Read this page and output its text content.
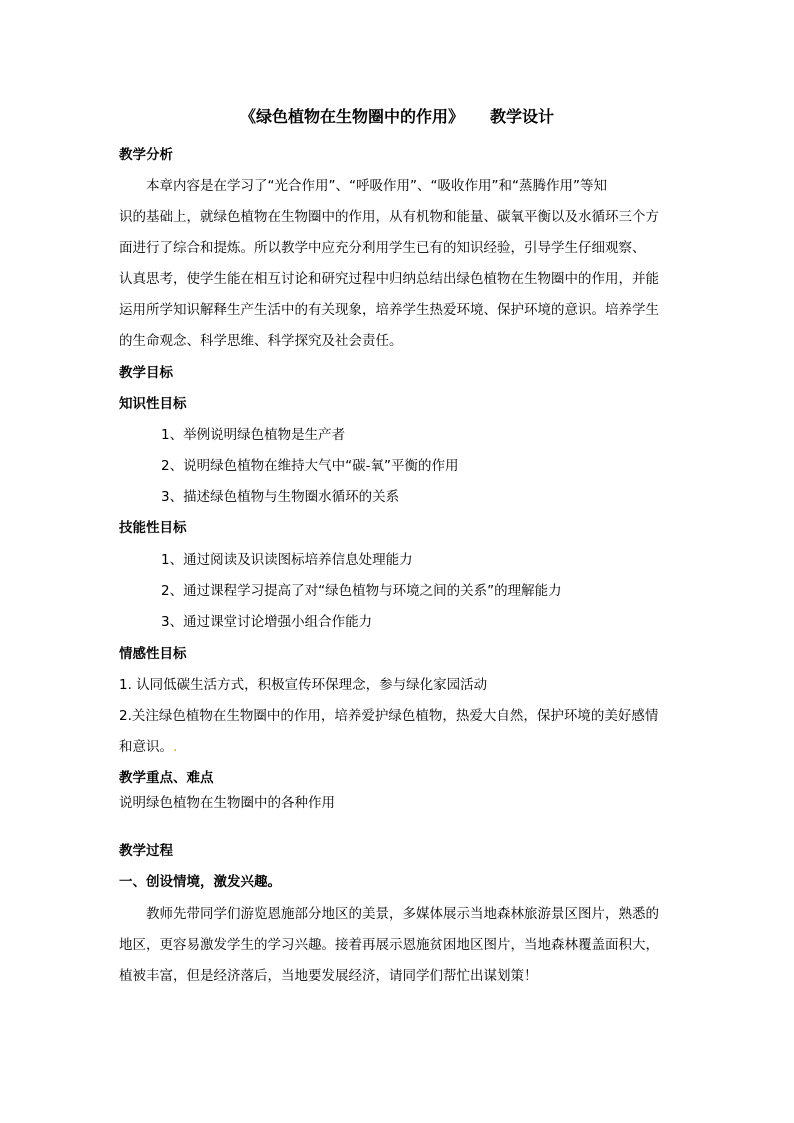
《绿色植物在生物圈中的作用》 教学设计
教学分析
本章内容是在学习了“光合作用”、“呼吸作用”、“吸收作用”和“蒸腾作用”等知
识的基础上，就绿色植物在生物圈中的作用，从有机物和能量、碳氧平衡以及水循环三个方
面进行了综合和提炼。所以教学中应充分利用学生已有的知识经验，引导学生仔细观察、
认真思考，使学生能在相互讨论和研究过程中归纳总结出绿色植物在生物圈中的作用，并能
运用所学知识解释生产生活中的有关现象，培养学生热爱环境、保护环境的意识。培养学生
的生命观念、科学思维、科学探究及社会责任。
教学目标
知识性目标
1、举例说明绿色植物是生产者
2、说明绿色植物在维持大气中“碳-氧”平衡的作用
3、描述绿色植物与生物圈水循环的关系
技能性目标
1、通过阅读及识读图标培养信息处理能力
2、通过课程学习提高了对“绿色植物与环境之间的关系”的理解能力
3、通过课堂讨论增强小组合作能力
情感性目标
1. 认同低碳生活方式，积极宣传环保理念，参与绿化家园活动
2.关注绿色植物在生物圈中的作用，培养爱护绿色植物，热爱大自然，保护环境的美好感情
和意识。.
教学重点、难点
说明绿色植物在生物圈中的各种作用
教学过程
一、创设情境，激发兴趣。
教师先带同学们游览恩施部分地区的美景，多媒体展示当地森林旅游景区图片，熟悉的
地区，更容易激发学生的学习兴趣。接着再展示恩施贫困地区图片，当地森林覆盖面积大，
植被丰富，但是经济落后，当地要发展经济，请同学们帮忙出谋划策！
